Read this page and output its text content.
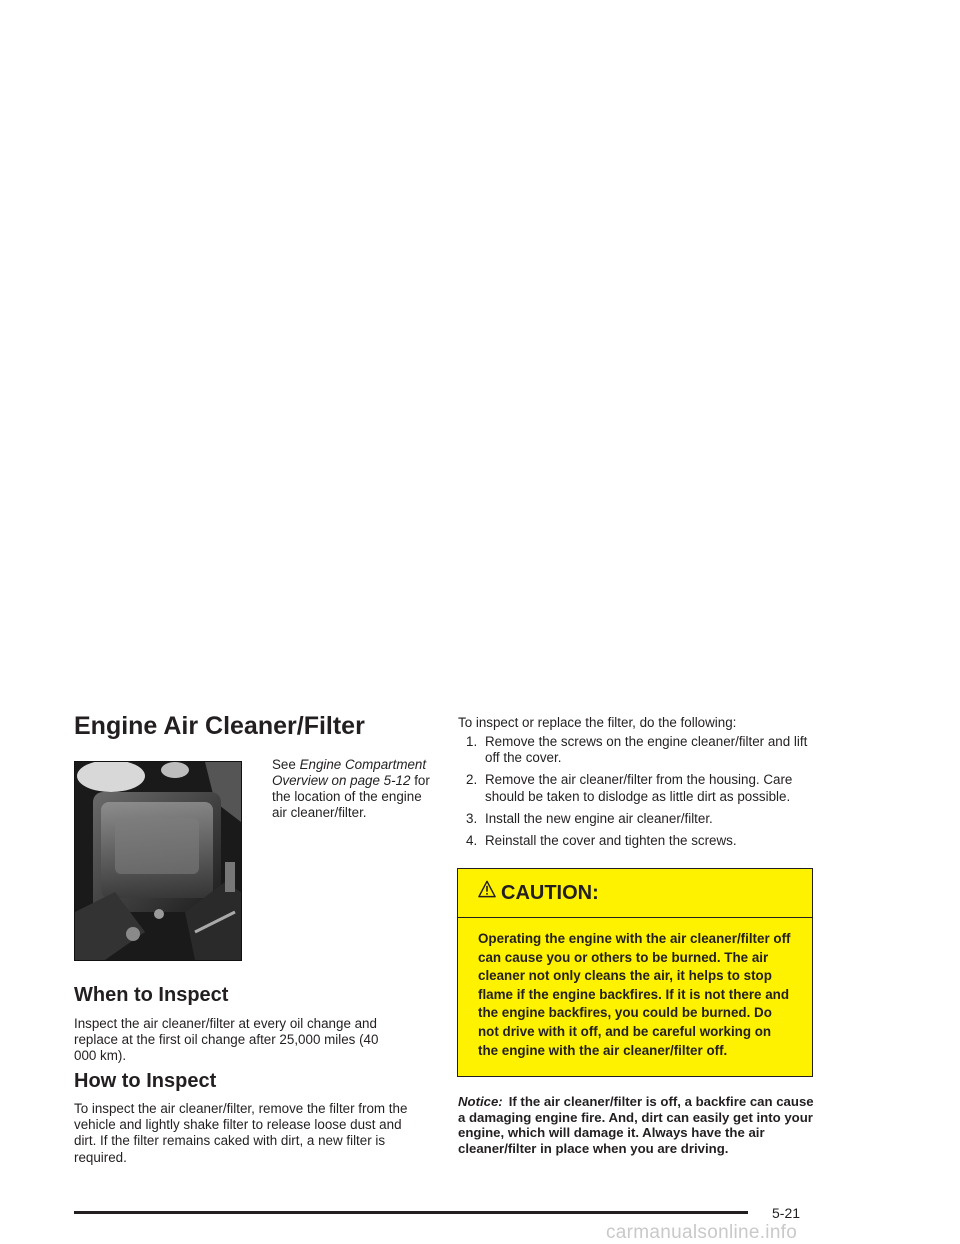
Engine Air Cleaner/Filter
See Engine Compartment Overview on page 5-12 for the location of the engine air cleaner/filter.
When to Inspect
Inspect the air cleaner/filter at every oil change and replace at the first oil change after 25,000 miles (40 000 km).
How to Inspect
To inspect the air cleaner/filter, remove the filter from the vehicle and lightly shake filter to release loose dust and dirt. If the filter remains caked with dirt, a new filter is required.
To inspect or replace the filter, do the following:
1. Remove the screws on the engine cleaner/filter and lift off the cover.
2. Remove the air cleaner/filter from the housing. Care should be taken to dislodge as little dirt as possible.
3. Install the new engine air cleaner/filter.
4. Reinstall the cover and tighten the screws.
CAUTION:
Operating the engine with the air cleaner/filter off can cause you or others to be burned. The air cleaner not only cleans the air, it helps to stop flame if the engine backfires. If it is not there and the engine backfires, you could be burned. Do not drive with it off, and be careful working on the engine with the air cleaner/filter off.
Notice: If the air cleaner/filter is off, a backfire can cause a damaging engine fire. And, dirt can easily get into your engine, which will damage it. Always have the air cleaner/filter in place when you are driving.
5-21
carmanualsonline.info
